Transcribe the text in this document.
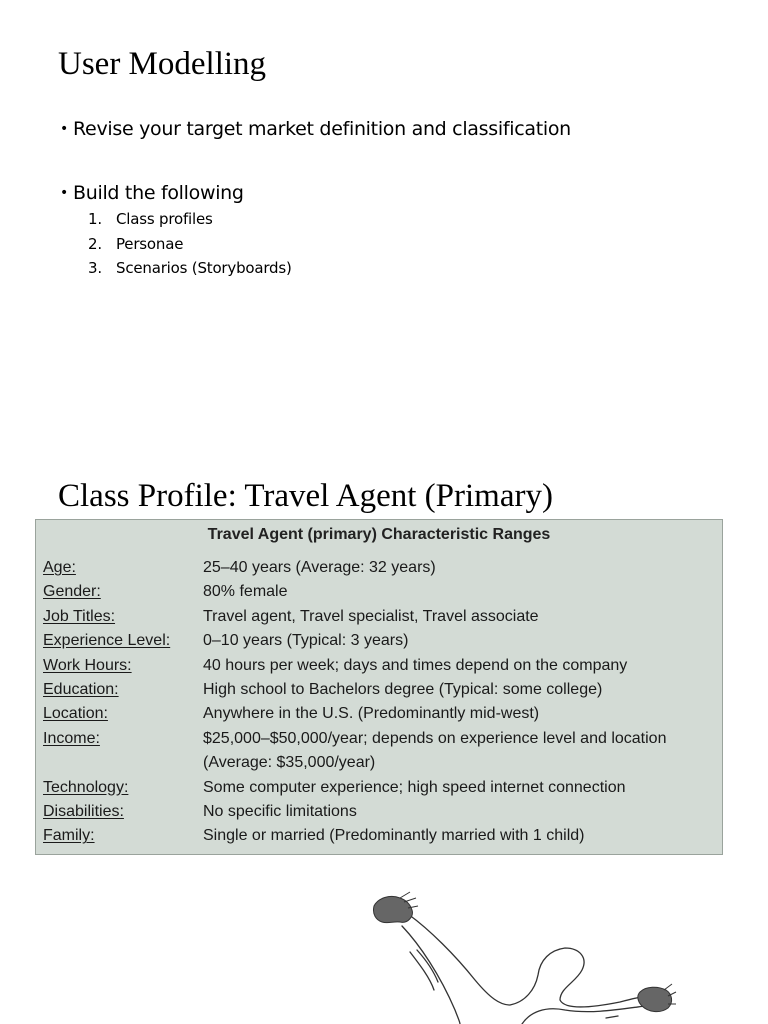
User Modelling
• Revise your target market definition and classification
• Build the following
1. Class profiles
2. Personae
3. Scenarios (Storyboards)
Class Profile: Travel Agent (Primary)
Travel Agent (primary) Characteristic Ranges
Age:	25–40 years (Average: 32 years)
Gender:	80% female
Job Titles:	Travel agent, Travel specialist, Travel associate
Experience Level:	0–10 years (Typical: 3 years)
Work Hours:	40 hours per week; days and times depend on the company
Education:	High school to Bachelors degree (Typical: some college)
Location:	Anywhere in the U.S. (Predominantly mid-west)
Income:	$25,000–$50,000/year; depends on experience level and location
(Average: $35,000/year)
Technology:	Some computer experience; high speed internet connection
Disabilities:	No specific limitations
Family:	Single or married (Predominantly married with 1 child)
